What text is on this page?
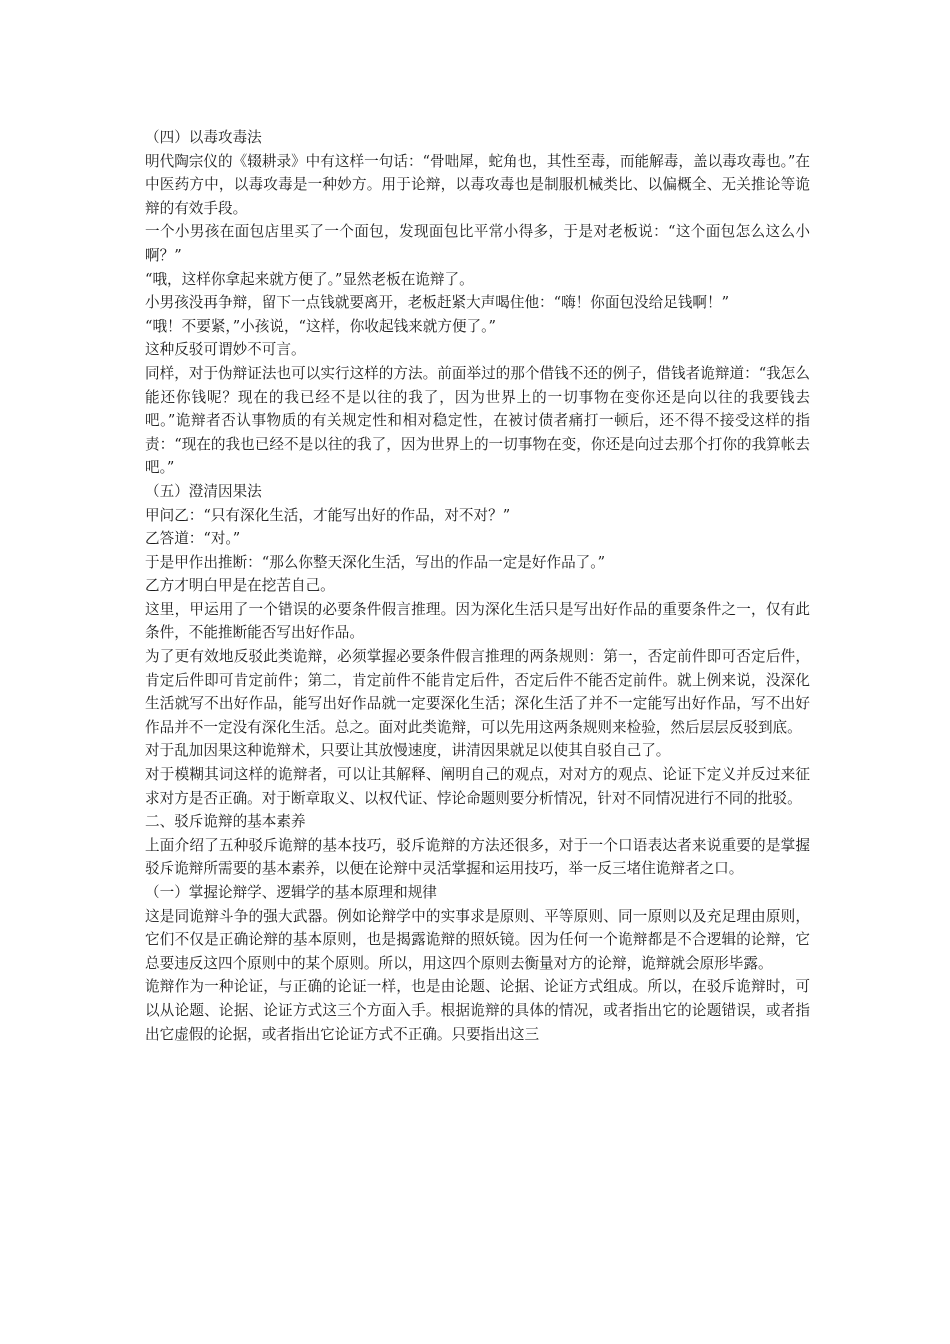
（四）以毒攻毒法

明代陶宗仪的《辍耕录》中有这样一句话：“骨咄犀，蛇角也，其性至毒，而能解毒，盖以毒攻毒也。”在中医药方中，以毒攻毒是一种妙方。用于论辩，以毒攻毒也是制服机械类比、以偏概全、无关推论等诡辩的有效手段。

一个小男孩在面包店里买了一个面包，发现面包比平常小得多，于是对老板说：“这个面包怎么这么小啊？”

“哦，这样你拿起来就方便了。”显然老板在诡辩了。

小男孩没再争辩，留下一点钱就要离开，老板赶紧大声喝住他：“嗨！你面包没给足钱啊！”

“哦！不要紧，”小孩说，“这样，你收起钱来就方便了。”

这种反驳可谓妙不可言。

同样，对于伪辩证法也可以实行这样的方法。前面举过的那个借钱不还的例子，借钱者诡辩道：“我怎么能还你钱呢？现在的我已经不是以往的我了，因为世界上的一切事物在变你还是向以往的我要钱去吧。”诡辩者否认事物质的有关规定性和相对稳定性，在被讨债者痛打一顿后，还不得不接受这样的指责：“现在的我也已经不是以往的我了，因为世界上的一切事物在变，你还是向过去那个打你的我算帐去吧。”

（五）澄清因果法

甲问乙：“只有深化生活，才能写出好的作品，对不对？”

乙答道：“对。”

于是甲作出推断：“那么你整天深化生活，写出的作品一定是好作品了。”

乙方才明白甲是在挖苦自己。

这里，甲运用了一个错误的必要条件假言推理。因为深化生活只是写出好作品的重要条件之一，仅有此条件，不能推断能否写出好作品。

为了更有效地反驳此类诡辩，必须掌握必要条件假言推理的两条规则：第一，否定前件即可否定后件，肯定后件即可肯定前件；第二，肯定前件不能肯定后件，否定后件不能否定前件。就上例来说，没深化生活就写不出好作品，能写出好作品就一定要深化生活；深化生活了并不一定能写出好作品，写不出好作品并不一定没有深化生活。总之。面对此类诡辩，可以先用这两条规则来检验，然后层层反驳到底。

对于乱加因果这种诡辩术，只要让其放慢速度，讲清因果就足以使其自驳自己了。

对于模糊其词这样的诡辩者，可以让其解释、阐明自己的观点，对对方的观点、论证下定义并反过来征求对方是否正确。对于断章取义、以权代证、悖论命题则要分析情况，针对不同情况进行不同的批驳。

二、驳斥诡辩的基本素养

上面介绍了五种驳斥诡辩的基本技巧，驳斥诡辩的方法还很多，对于一个口语表达者来说重要的是掌握驳斥诡辩所需要的基本素养，以便在论辩中灵活掌握和运用技巧，举一反三堵住诡辩者之口。

（一）掌握论辩学、逻辑学的基本原理和规律

这是同诡辩斗争的强大武器。例如论辩学中的实事求是原则、平等原则、同一原则以及充足理由原则，它们不仅是正确论辩的基本原则，也是揭露诡辩的照妖镜。因为任何一个诡辩都是不合逻辑的论辩，它总要违反这四个原则中的某个原则。所以，用这四个原则去衡量对方的论辩，诡辩就会原形毕露。

诡辩作为一种论证，与正确的论证一样，也是由论题、论据、论证方式组成。所以，在驳斥诡辩时，可以从论题、论据、论证方式这三个方面入手。根据诡辩的具体的情况，或者指出它的论题错误，或者指出它虚假的论据，或者指出它论证方式不正确。只要指出这三
